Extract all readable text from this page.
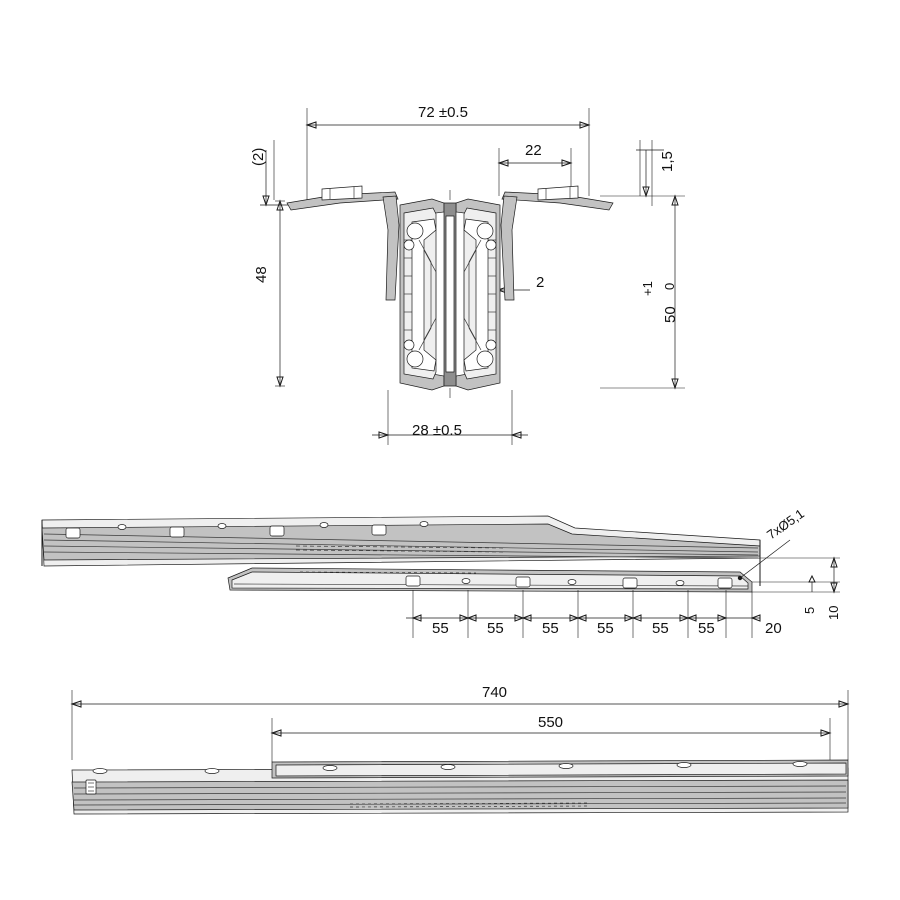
72 ±0.5
22
28 ±0.5
48
(2)	1,5
50
+1 0
2
7xØ5,1
55	55	55	55	55 55	20
5 10
740
550
